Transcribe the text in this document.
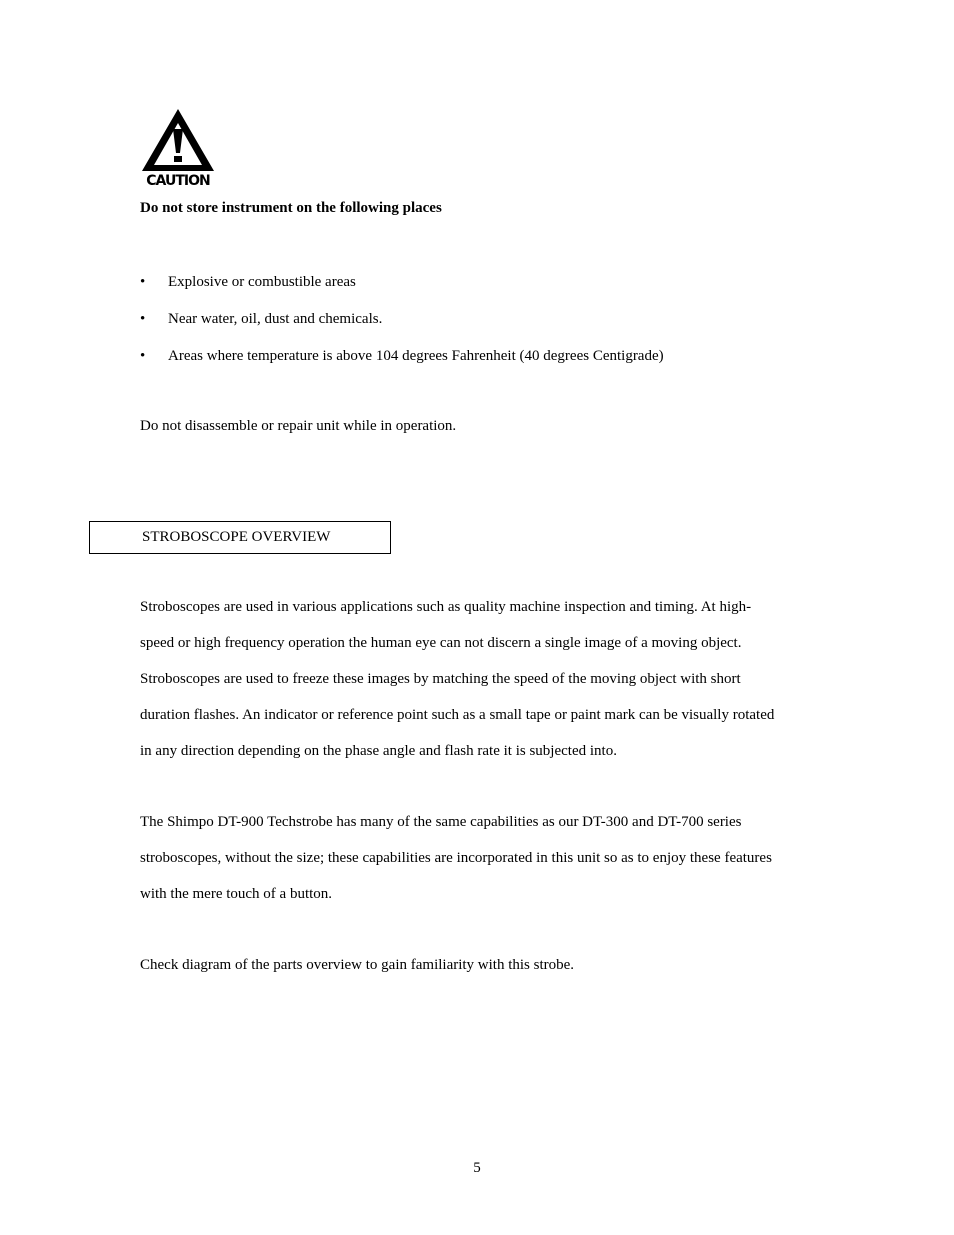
CAUTION
Do not store instrument on the following places
• Explosive or combustible areas
• Near water, oil, dust and chemicals.
• Areas where temperature is above 104 degrees Fahrenheit (40 degrees Centigrade)
Do not disassemble or repair unit while in operation.
STROBOSCOPE OVERVIEW
Stroboscopes are used in various applications such as quality machine inspection and timing. At high-
speed or high frequency operation the human eye can not discern a single image of a moving object.
Stroboscopes are used to freeze these images by matching the speed of the moving object with short
duration flashes. An indicator or reference point such as a small tape or paint mark can be visually rotated
in any direction depending on the phase angle and flash rate it is subjected into.
The Shimpo DT-900 Techstrobe has many of the same capabilities as our DT-300 and DT-700 series
stroboscopes, without the size; these capabilities are incorporated in this unit so as to enjoy these features
with the mere touch of a button.
Check diagram of the parts overview to gain familiarity with this strobe.
5
